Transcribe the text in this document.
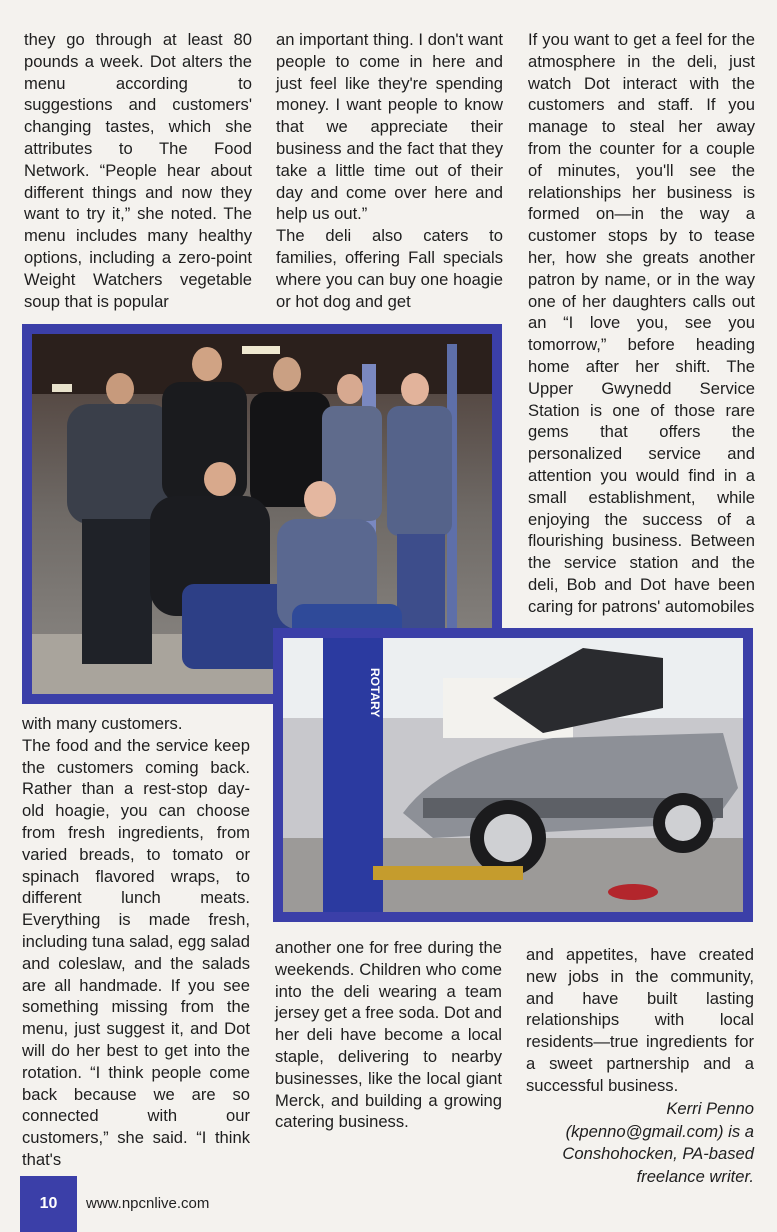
they go through at least 80 pounds a week. Dot alters the menu according to suggestions and customers' changing tastes, which she attributes to The Food Network. “People hear about different things and now they want to try it,” she noted. The menu includes many healthy options, including a zero-point Weight Watchers vegetable soup that is popular

an important thing. I don't want people to come in here and just feel like they're spending money. I want people to know that we appreciate their business and the fact that they take a little time out of their day and come over here and help us out.”

The deli also caters to families, offering Fall specials where you can buy one hoagie or hot dog and get

If you want to get a feel for the atmosphere in the deli, just watch Dot interact with the customers and staff. If you manage to steal her away from the counter for a couple of minutes, you'll see the relationships her business is formed on—in the way a customer stops by to tease her, how she greats another patron by name, or in the way one of her daughters calls out an “I love you, see you tomorrow,” before heading home after her shift. The Upper Gwynedd Service Station is one of those rare gems that offers the personalized service and attention you would find in a small establishment, while enjoying the success of a flourishing business. Between the service station and the deli, Bob and Dot have been caring for patrons' automobiles

ROTARY

with many customers.

The food and the service keep the customers coming back. Rather than a rest-stop day-old hoagie, you can choose from fresh ingredients, from varied breads, to tomato or spinach flavored wraps, to different lunch meats. Everything is made fresh, including tuna salad, egg salad and coleslaw, and the salads are all handmade. If you see something missing from the menu, just suggest it, and Dot will do her best to get into the rotation. “I think people come back because we are so connected with our customers,” she said. “I think that's

another one for free during the weekends. Children who come into the deli wearing a team jersey get a free soda. Dot and her deli have become a local staple, delivering to nearby businesses, like the local giant Merck, and building a growing catering business.

and appetites, have created new jobs in the community, and have built lasting relationships with local residents—true ingredients for a sweet partnership and a successful business.

Kerri Penno
(kpenno@gmail.com) is a
Conshohocken, PA-based
freelance writer.
10 www.npcnlive.com
